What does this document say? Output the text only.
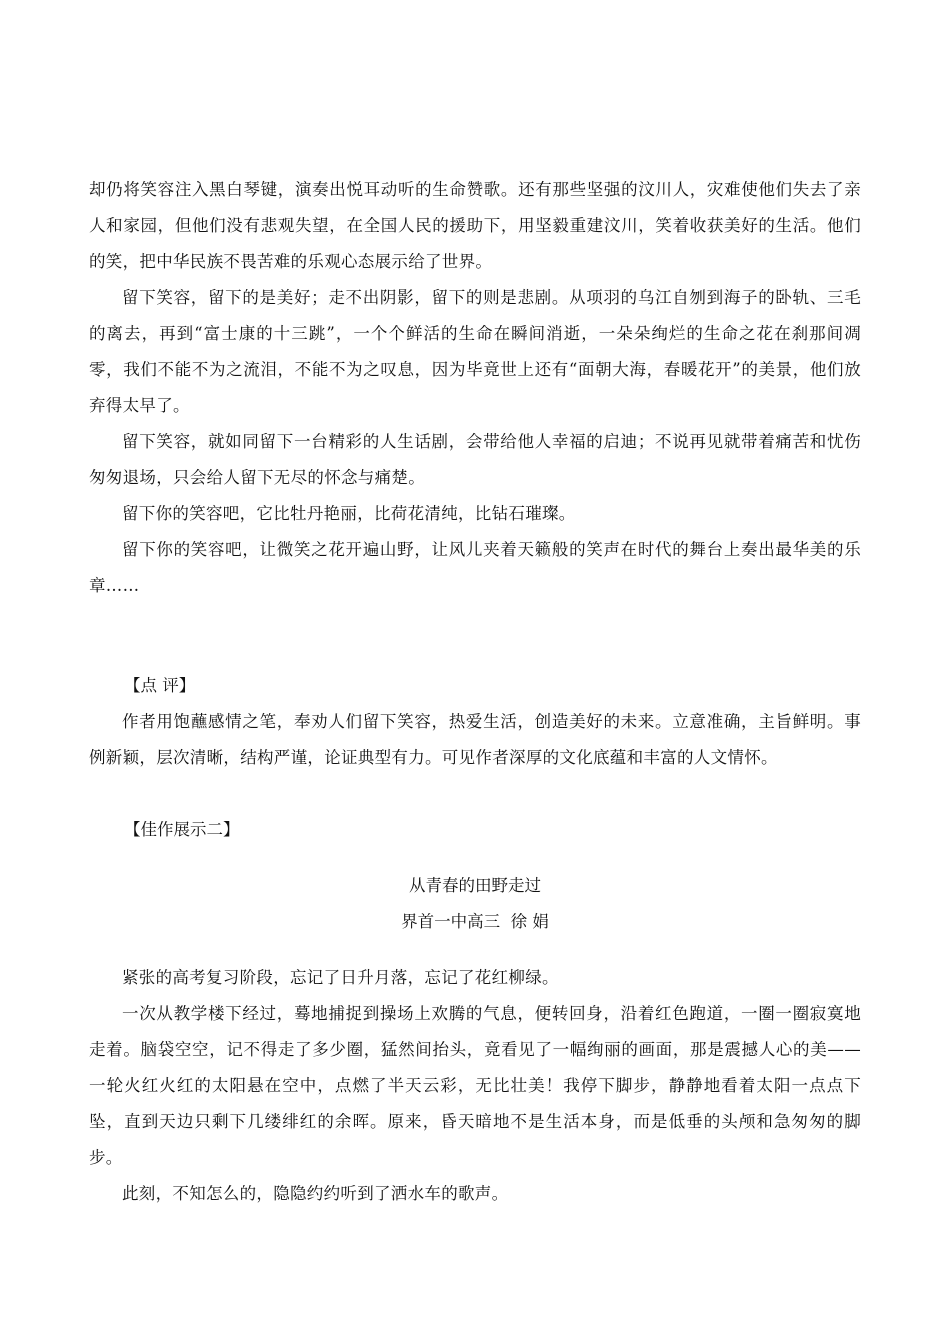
却仍将笑容注入黑白琴键，演奏出悦耳动听的生命赞歌。还有那些坚强的汶川人，灾难使他们失去了亲人和家园，但他们没有悲观失望，在全国人民的援助下，用坚毅重建汶川，笑着收获美好的生活。他们的笑，把中华民族不畏苦难的乐观心态展示给了世界。

留下笑容，留下的是美好；走不出阴影，留下的则是悲剧。从项羽的乌江自刎到海子的卧轨、三毛的离去，再到“富士康的十三跳”，一个个鲜活的生命在瞬间消逝，一朵朵绚烂的生命之花在刹那间凋零，我们不能不为之流泪，不能不为之叹息，因为毕竟世上还有“面朝大海，春暖花开”的美景，他们放弃得太早了。

留下笑容，就如同留下一台精彩的人生话剧，会带给他人幸福的启迪；不说再见就带着痛苦和忧伤匆匆退场，只会给人留下无尽的怀念与痛楚。

留下你的笑容吧，它比牡丹艳丽，比荷花清纯，比钻石璀璨。

留下你的笑容吧，让微笑之花开遍山野，让风儿夹着天籁般的笑声在时代的舞台上奏出最华美的乐章……

【点 评】

作者用饱蘸感情之笔，奉劝人们留下笑容，热爱生活，创造美好的未来。立意准确，主旨鲜明。事例新颖，层次清晰，结构严谨，论证典型有力。可见作者深厚的文化底蕴和丰富的人文情怀。

【佳作展示二】

从青春的田野走过

界首一中高三  徐 娟

紧张的高考复习阶段，忘记了日升月落，忘记了花红柳绿。

一次从教学楼下经过，蓦地捕捉到操场上欢腾的气息，便转回身，沿着红色跑道，一圈一圈寂寞地走着。脑袋空空，记不得走了多少圈，猛然间抬头，竟看见了一幅绚丽的画面，那是震撼人心的美——一轮火红火红的太阳悬在空中，点燃了半天云彩，无比壮美！我停下脚步，静静地看着太阳一点点下坠，直到天边只剩下几缕绯红的余晖。原来，昏天暗地不是生活本身，而是低垂的头颅和急匆匆的脚步。

此刻，不知怎么的，隐隐约约听到了洒水车的歌声。
